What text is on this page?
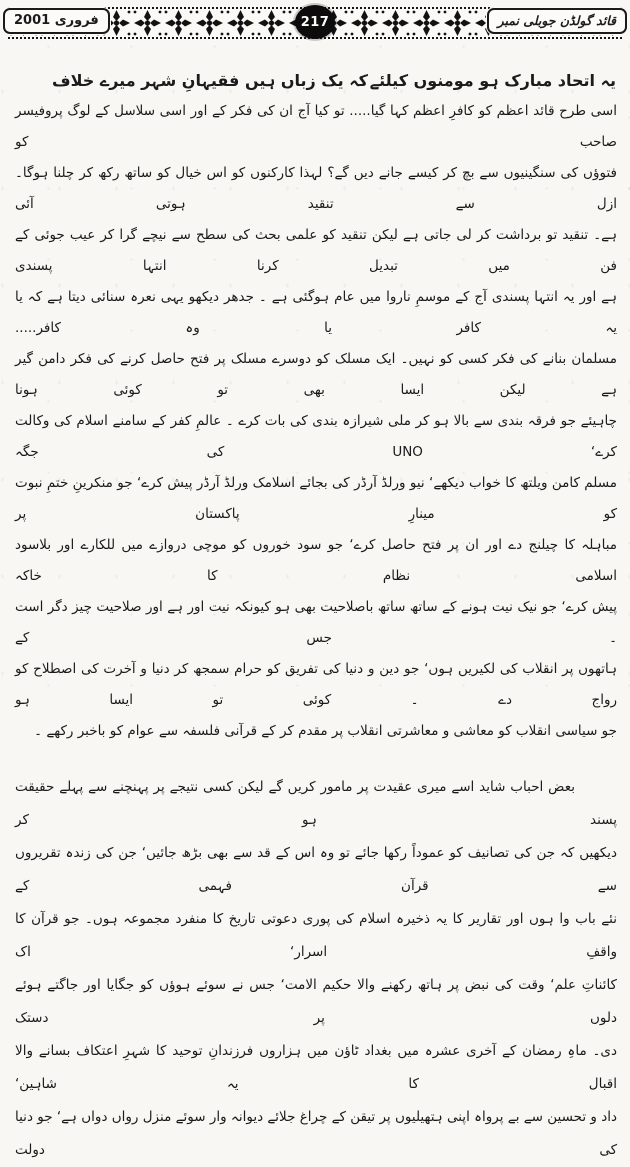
217
فروری 2001	قائد گولڈن جوبلی نمبر
یہ اتحاد مبارک ہو مومنوں کیلئے
کہ یک زباں ہیں فقیہانِ شہر میرے خلاف

اسی طرح قائد اعظم کو کافرِ اعظم کہا گیا..... تو کیا آج ان کی فکر کے اور اسی سلاسل کے لوگ پروفیسر صاحب کو

فتوؤں کی سنگینیوں سے بچ کر کیسے جانے دیں گے؟ لہذا کارکنوں کو اس خیال کو ساتھ رکھ کر چلنا ہوگا۔ ازل سے تنقید ہوتی آئی

ہے۔ تنقید تو برداشت کر لی جاتی ہے لیکن تنقید کو علمی بحث کی سطح سے نیچے گرا کر عیب جوئی کے فن میں تبدیل کرنا انتہا پسندی

ہے اور یہ انتہا پسندی آج کے موسمِ ناروا میں عام ہوگئی ہے ۔ جدھر دیکھو یہی نعرہ سنائی دیتا ہے کہ یا یہ کافر یا وہ کافر.....

مسلمان بنانے کی فکر کسی کو نہیں۔ ایک مسلک کو دوسرے مسلک پر فتح حاصل کرنے کی فکر دامن گیر ہے لیکن ایسا بھی تو کوئی ہونا

چاہیئے جو فرقہ بندی سے بالا ہو کر ملی شیرازہ بندی کی بات کرے ۔ عالمِ کفر کے سامنے اسلام کی وکالت کرے‘ UNO کی جگہ

مسلم کامن ویلتھ کا خواب دیکھے‘ نیو ورلڈ آرڈر کی بجائے اسلامک ورلڈ آرڈر پیش کرے‘ جو منکرینِ ختمِ نبوت کو مینارِ پاکستان پر

مباہلہ کا چیلنج دے اور ان پر فتح حاصل کرے‘ جو سود خوروں کو موچی دروازے میں للکارے اور بلاسود اسلامی نظام کا خاکہ

پیش کرے‘ جو نیک نیت ہونے کے ساتھ ساتھ باصلاحیت بھی ہو کیونکہ نیت اور ہے اور صلاحیت چیز دگر است ۔ جس کے

ہاتھوں پر انقلاب کی لکیریں ہوں‘ جو دین و دنیا کی تفریق کو حرام سمجھ کر دنیا و آخرت کی اصطلاح کو رواج دے ۔ کوئی تو ایسا ہو

جو سیاسی انقلاب کو معاشی و معاشرتی انقلاب پر مقدم کر کے قرآنی فلسفہ سے عوام کو باخبر رکھے ۔

بعض احباب شاید اسے میری عقیدت پر مامور کریں گے لیکن کسی نتیجے پر پہنچنے سے پہلے حقیقت پسند ہو کر

دیکھیں کہ جن کی تصانیف کو عموداً رکھا جائے تو وہ اس کے قد سے بھی بڑھ جائیں‘ جن کی زندہ تقریروں سے قرآن فہمی کے

نئے باب وا ہوں اور تقاریر کا یہ ذخیرہ اسلام کی پوری دعوتی تاریخ کا منفرد مجموعہ ہوں۔ جو قرآن کا واقفِ اسرار‘ اک

کائناتِ علم‘ وقت کی نبض پر ہاتھ رکھنے والا حکیم الامت‘ جس نے سوئے ہوؤں کو جگایا اور جاگتے ہوئے دلوں پر دستک

دی۔ ماہِ رمضان کے آخری عشرہ میں بغداد ٹاؤن میں ہزاروں فرزندانِ توحید کا شہرِ اعتکاف بسانے والا اقبال کا یہ شاہین‘

داد و تحسین سے بے پرواہ اپنی ہتھیلیوں پر تیقن کے چراغ جلائے دیوانہ وار سوئے منزل رواں دواں ہے‘ جو دنیا کی دولت
